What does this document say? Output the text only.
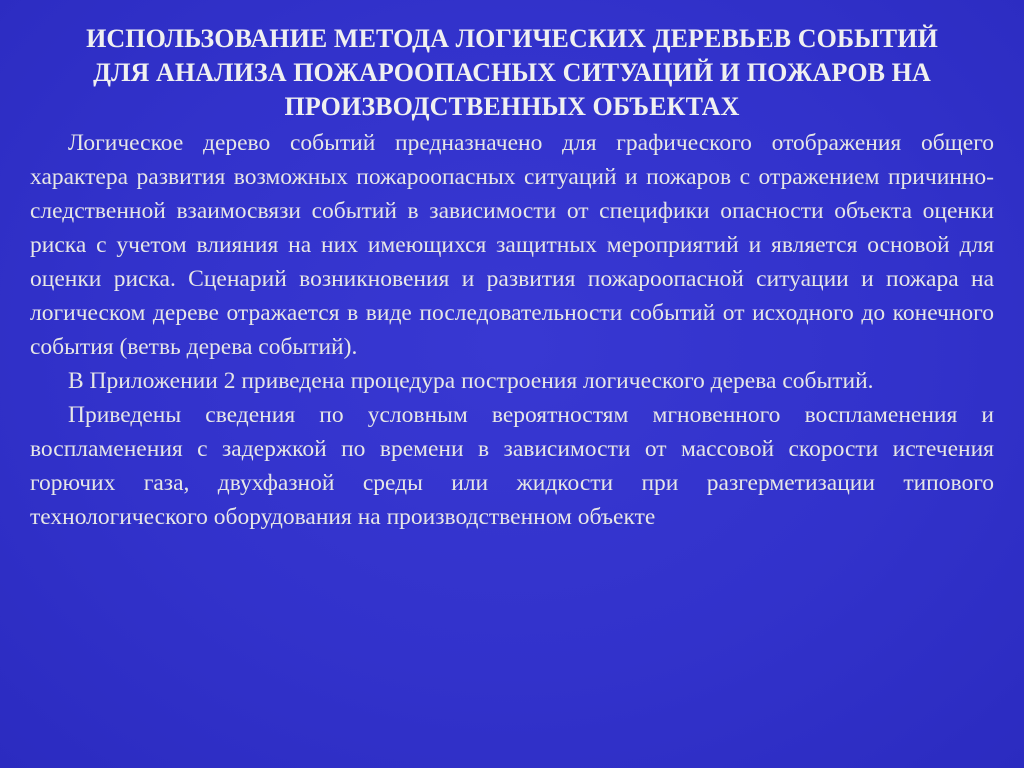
ИСПОЛЬЗОВАНИЕ МЕТОДА ЛОГИЧЕСКИХ ДЕРЕВЬЕВ СОБЫТИЙ
ДЛЯ АНАЛИЗА ПОЖАРООПАСНЫХ СИТУАЦИЙ И ПОЖАРОВ НА
ПРОИЗВОДСТВЕННЫХ ОБЪЕКТАХ

Логическое дерево событий предназначено для графического отображения общего характера развития возможных пожароопасных ситуаций и пожаров с отражением причинно-следственной взаимосвязи событий в зависимости от специфики опасности объекта оценки риска с учетом влияния на них имеющихся защитных мероприятий и является основой для оценки риска. Сценарий возникновения и развития пожароопасной ситуации и пожара на логическом дереве отражается в виде последовательности событий от исходного до конечного события (ветвь дерева событий).

В Приложении 2 приведена процедура построения логического дерева событий.

Приведены сведения по условным вероятностям мгновенного воспламенения и воспламенения с задержкой по времени в зависимости от массовой скорости истечения горючих газа, двухфазной среды или жидкости при разгерметизации типового технологического оборудования на производственном объекте
